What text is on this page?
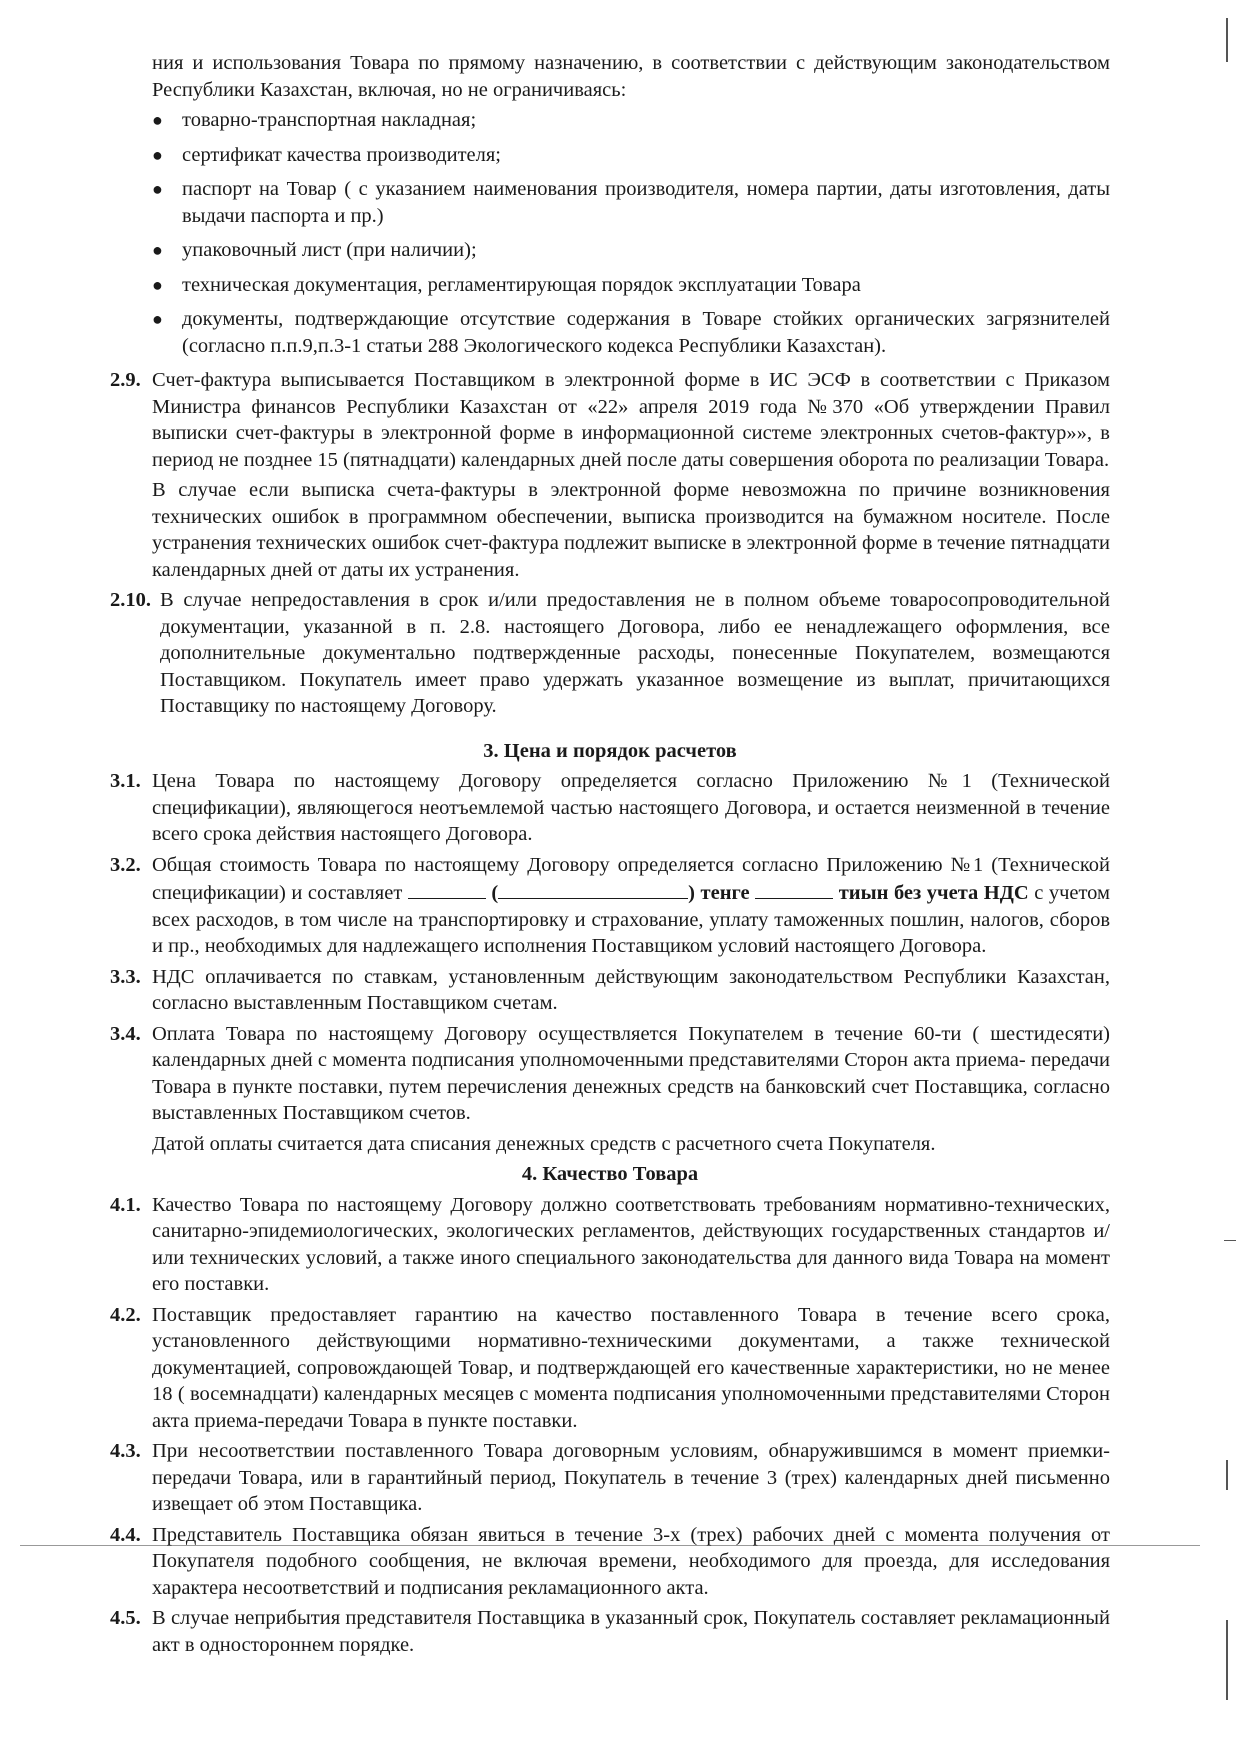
ния и использования Товара по прямому назначению, в соответствии с действующим законодательством Республики Казахстан, включая, но не ограничиваясь:

● товарно-транспортная накладная;
● сертификат качества производителя;
● паспорт на Товар ( с указанием наименования производителя, номера партии, даты изготовления, даты выдачи паспорта и пр.)
● упаковочный лист (при наличии);
● техническая документация, регламентирующая порядок эксплуатации Товара
● документы, подтверждающие отсутствие содержания в Товаре стойких органических загрязнителей (согласно п.п.9,п.3-1 статьи 288 Экологического кодекса Республики Казахстан).
2.9. Счет-фактура выписывается Поставщиком в электронной форме в ИС ЭСФ в соответствии с Приказом Министра финансов Республики Казахстан от «22» апреля 2019 года №370 «Об утверждении Правил выписки счет-фактуры в электронной форме в информационной системе электронных счетов-фактур»», в период не позднее 15 (пятнадцати) календарных дней после даты совершения оборота по реализации Товара.

В случае если выписка счета-фактуры в электронной форме невозможна по причине возникновения технических ошибок в программном обеспечении, выписка производится на бумажном носителе. После устранения технических ошибок счет-фактура подлежит выписке в электронной форме в течение пятнадцати календарных дней от даты их устранения.

2.10. В случае непредоставления в срок и/или предоставления не в полном объеме товаросопроводительной документации, указанной в п. 2.8. настоящего Договора, либо ее ненадлежащего оформления, все дополнительные документально подтвержденные расходы, понесенные Покупателем, возмещаются Поставщиком. Покупатель имеет право удержать указанное возмещение из выплат, причитающихся Поставщику по настоящему Договору.

3. Цена и порядок расчетов
3.1. Цена Товара по настоящему Договору определяется согласно Приложению №1 (Технической спецификации), являющегося неотъемлемой частью настоящего Договора, и остается неизменной в течение всего срока действия настоящего Договора.

3.2. Общая стоимость Товара по настоящему Договору определяется согласно Приложению №1 (Технической спецификации) и составляет	(	) тенге	тиын без учета НДС с учетом всех расходов, в том числе на транспортировку и страхование, уплату таможенных пошлин, налогов, сборов и пр., необходимых для надлежащего исполнения Поставщиком условий настоящего Договора.

3.3. НДС оплачивается по ставкам, установленным действующим законодательством Республики Казахстан, согласно выставленным Поставщиком счетам.

3.4. Оплата Товара по настоящему Договору осуществляется Покупателем в течение 60-ти ( шестидесяти) календарных дней с момента подписания уполномоченными представителями Сторон акта приема- передачи Товара в пункте поставки, путем перечисления денежных средств на банковский счет Поставщика, согласно выставленных Поставщиком счетов.

Датой оплаты считается дата списания денежных средств с расчетного счета Покупателя.
4. Качество Товара
4.1. Качество Товара по настоящему Договору должно соответствовать требованиям нормативно-технических, санитарно-эпидемиологических, экологических регламентов, действующих государственных стандартов и/или технических условий, а также иного специального законодательства для данного вида Товара на момент его поставки.

4.2. Поставщик предоставляет гарантию на качество поставленного Товара в течение всего срока, установленного действующими нормативно-техническими документами, а также технической документацией, сопровождающей Товар, и подтверждающей его качественные характеристики, но не менее 18 ( восемнадцати) календарных месяцев с момента подписания уполномоченными представителями Сторон акта приема-передачи Товара в пункте поставки.

4.3. При несоответствии поставленного Товара договорным условиям, обнаружившимся в момент приемки-передачи Товара, или в гарантийный период, Покупатель в течение 3 (трех) календарных дней письменно извещает об этом Поставщика.

4.4. Представитель Поставщика обязан явиться в течение 3-х (трех) рабочих дней с момента получения от Покупателя подобного сообщения, не включая времени, необходимого для проезда, для исследования характера несоответствий и подписания рекламационного акта.

4.5. В случае неприбытия представителя Поставщика в указанный срок, Покупатель составляет рекламационный акт в одностороннем порядке.
